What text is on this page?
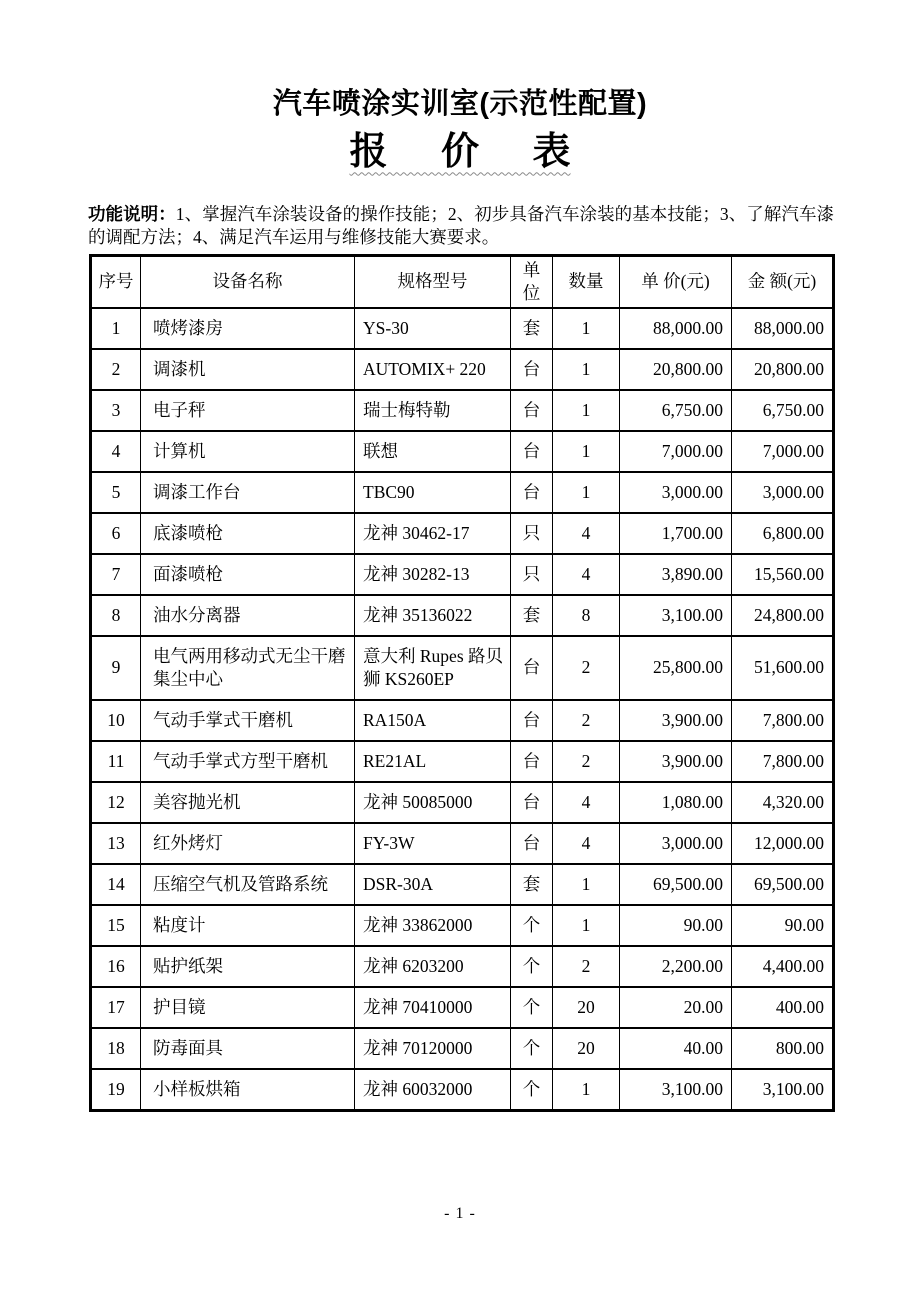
汽车喷涂实训室(示范性配置)
报 价 表

功能说明：1、掌握汽车涂装设备的操作技能；2、初步具备汽车涂装的基本技能；3、了解汽车漆的调配方法；4、满足汽车运用与维修技能大赛要求。

序号	设备名称	规格型号	单位	数量	单 价(元)	金 额(元)
1	喷烤漆房	YS-30	套	1	88,000.00	88,000.00
2	调漆机	AUTOMIX+ 220	台	1	20,800.00	20,800.00
3	电子秤	瑞士梅特勒	台	1	6,750.00	6,750.00
4	计算机	联想	台	1	7,000.00	7,000.00
5	调漆工作台	TBC90	台	1	3,000.00	3,000.00
6	底漆喷枪	龙神 30462-17	只	4	1,700.00	6,800.00
7	面漆喷枪	龙神 30282-13	只	4	3,890.00	15,560.00
8	油水分离器	龙神 35136022	套	8	3,100.00	24,800.00
9	电气两用移动式无尘干磨集尘中心	意大利 Rupes 路贝狮 KS260EP	台	2	25,800.00	51,600.00
10	气动手掌式干磨机	RA150A	台	2	3,900.00	7,800.00
11	气动手掌式方型干磨机	RE21AL	台	2	3,900.00	7,800.00
12	美容抛光机	龙神 50085000	台	4	1,080.00	4,320.00
13	红外烤灯	FY-3W	台	4	3,000.00	12,000.00
14	压缩空气机及管路系统	DSR-30A	套	1	69,500.00	69,500.00
15	粘度计	龙神 33862000	个	1	90.00	90.00
16	贴护纸架	龙神 6203200	个	2	2,200.00	4,400.00
17	护目镜	龙神 70410000	个	20	20.00	400.00
18	防毒面具	龙神 70120000	个	20	40.00	800.00
19	小样板烘箱	龙神 60032000	个	1	3,100.00	3,100.00
- 1 -
